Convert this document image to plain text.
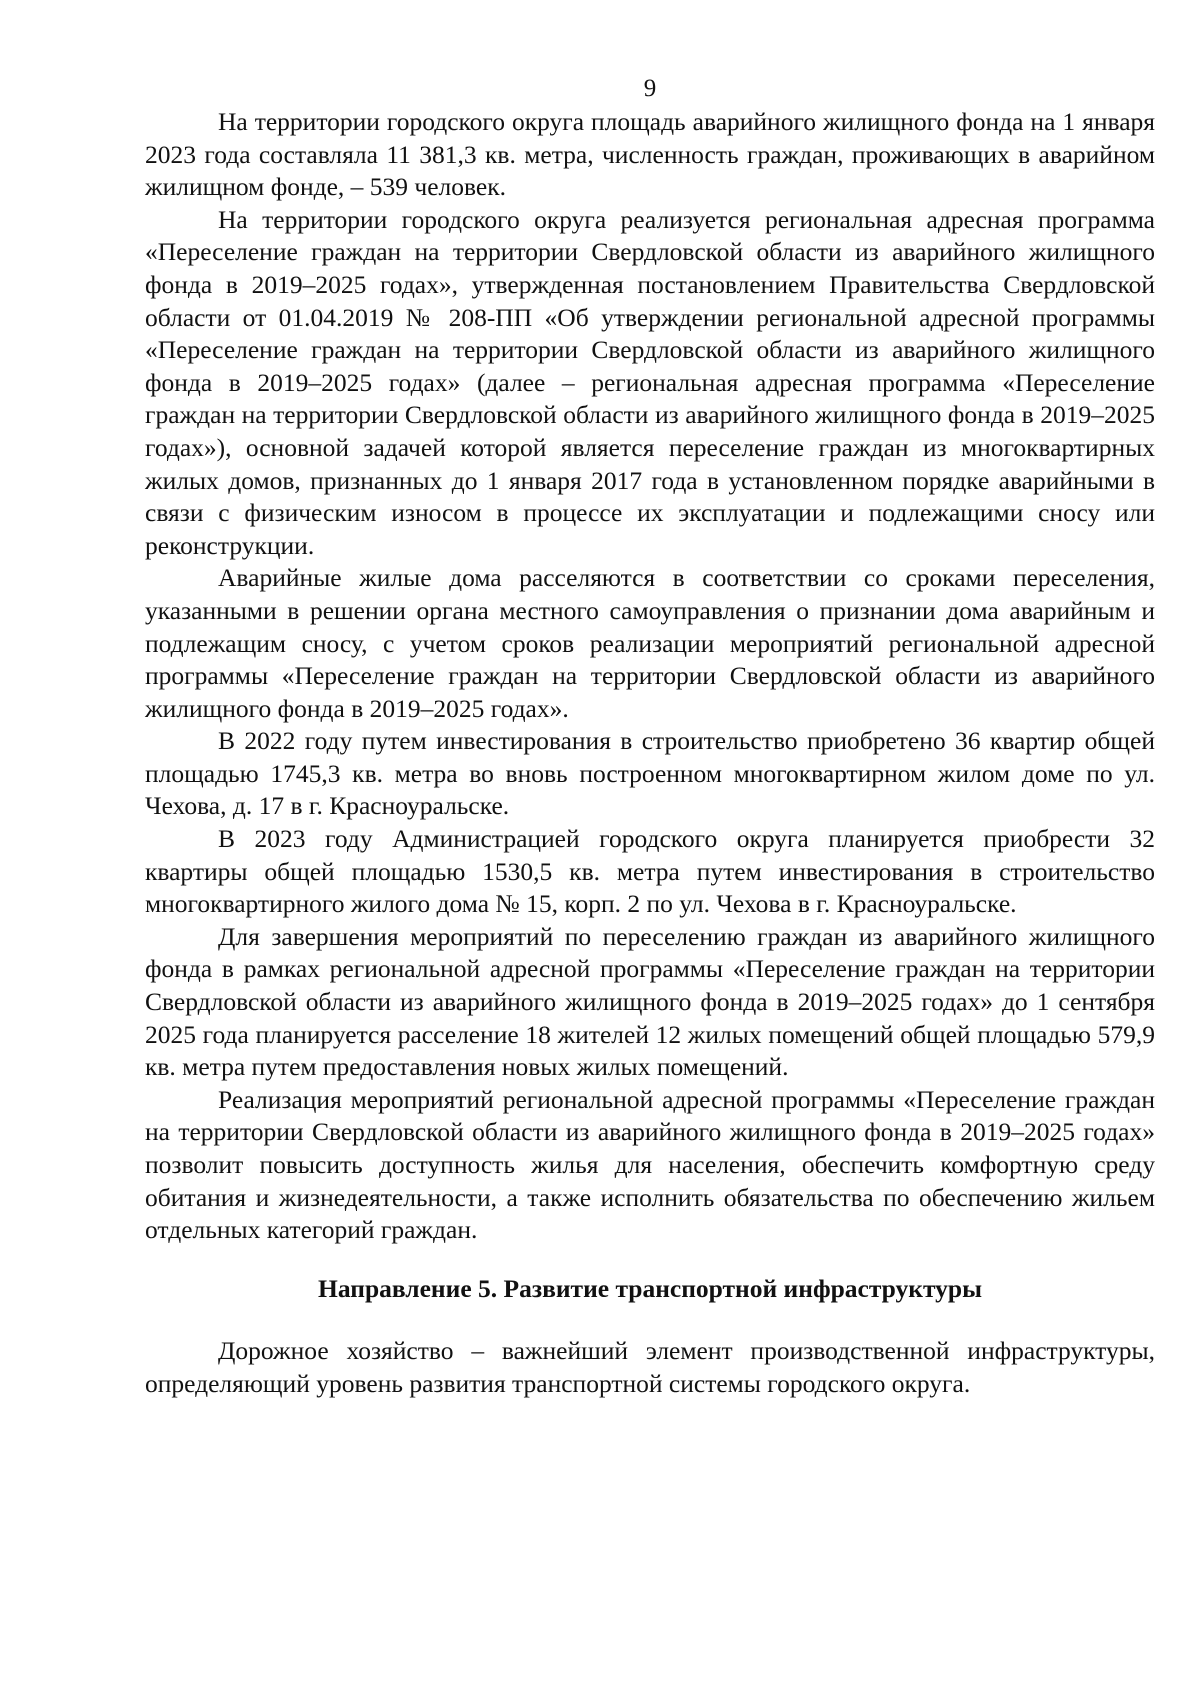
9

На территории городского округа площадь аварийного жилищного фонда на 1 января 2023 года составляла 11 381,3 кв. метра, численность граждан, проживающих в аварийном жилищном фонде, – 539 человек.

На территории городского округа реализуется региональная адресная программа «Переселение граждан на территории Свердловской области из аварийного жилищного фонда в 2019–2025 годах», утвержденная постановлением Правительства Свердловской области от 01.04.2019 № 208-ПП «Об утверждении региональной адресной программы «Переселение граждан на территории Свердловской области из аварийного жилищного фонда в 2019–2025 годах» (далее – региональная адресная программа «Переселение граждан на территории Свердловской области из аварийного жилищного фонда в 2019–2025 годах»), основной задачей которой является переселение граждан из многоквартирных жилых домов, признанных до 1 января 2017 года в установленном порядке аварийными в связи с физическим износом в процессе их эксплуатации и подлежащими сносу или реконструкции.

Аварийные жилые дома расселяются в соответствии со сроками переселения, указанными в решении органа местного самоуправления о признании дома аварийным и подлежащим сносу, с учетом сроков реализации мероприятий региональной адресной программы «Переселение граждан на территории Свердловской области из аварийного жилищного фонда в 2019–2025 годах».

В 2022 году путем инвестирования в строительство приобретено 36 квартир общей площадью 1745,3 кв. метра во вновь построенном многоквартирном жилом доме по ул. Чехова, д. 17 в г. Красноуральске.

В 2023 году Администрацией городского округа планируется приобрести 32 квартиры общей площадью 1530,5 кв. метра путем инвестирования в строительство многоквартирного жилого дома № 15, корп. 2 по ул. Чехова в г. Красноуральске.

Для завершения мероприятий по переселению граждан из аварийного жилищного фонда в рамках региональной адресной программы «Переселение граждан на территории Свердловской области из аварийного жилищного фонда в 2019–2025 годах» до 1 сентября 2025 года планируется расселение 18 жителей 12 жилых помещений общей площадью 579,9 кв. метра путем предоставления новых жилых помещений.

Реализация мероприятий региональной адресной программы «Переселение граждан на территории Свердловской области из аварийного жилищного фонда в 2019–2025 годах» позволит повысить доступность жилья для населения, обеспечить комфортную среду обитания и жизнедеятельности, а также исполнить обязательства по обеспечению жильем отдельных категорий граждан.

Направление 5. Развитие транспортной инфраструктуры

Дорожное хозяйство – важнейший элемент производственной инфраструктуры, определяющий уровень развития транспортной системы городского округа.
